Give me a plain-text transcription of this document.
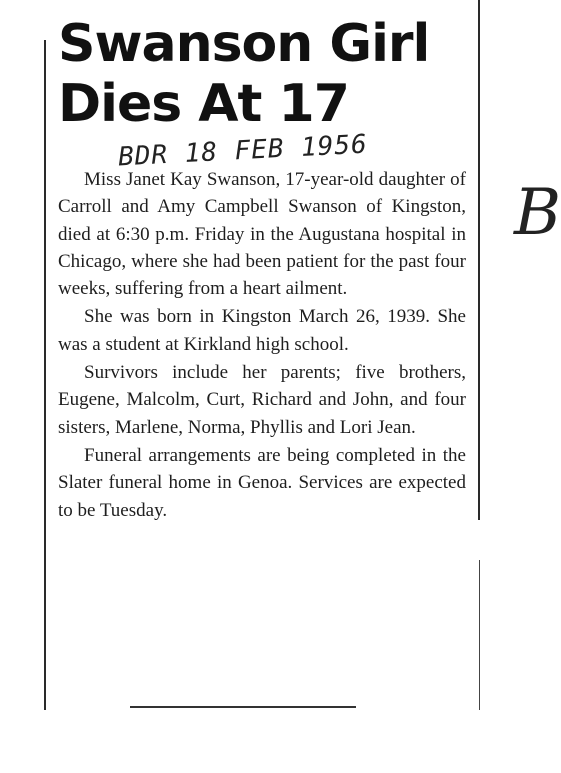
Swanson Girl
Dies At 17
BDR 18 FEB 1956
B

Miss Janet Kay Swanson, 17-year-old daughter of Carroll and Amy Campbell Swanson of Kingston, died at 6:30 p.m. Friday in the Augustana hospital in Chicago, where she had been patient for the past four weeks, suffering from a heart ailment.

She was born in Kingston March 26, 1939. She was a student at Kirkland high school.

Survivors include her parents; five brothers, Eugene, Malcolm, Curt, Richard and John, and four sisters, Marlene, Norma, Phyllis and Lori Jean.

Funeral arrangements are being completed in the Slater funeral home in Genoa. Services are expected to be Tuesday.
